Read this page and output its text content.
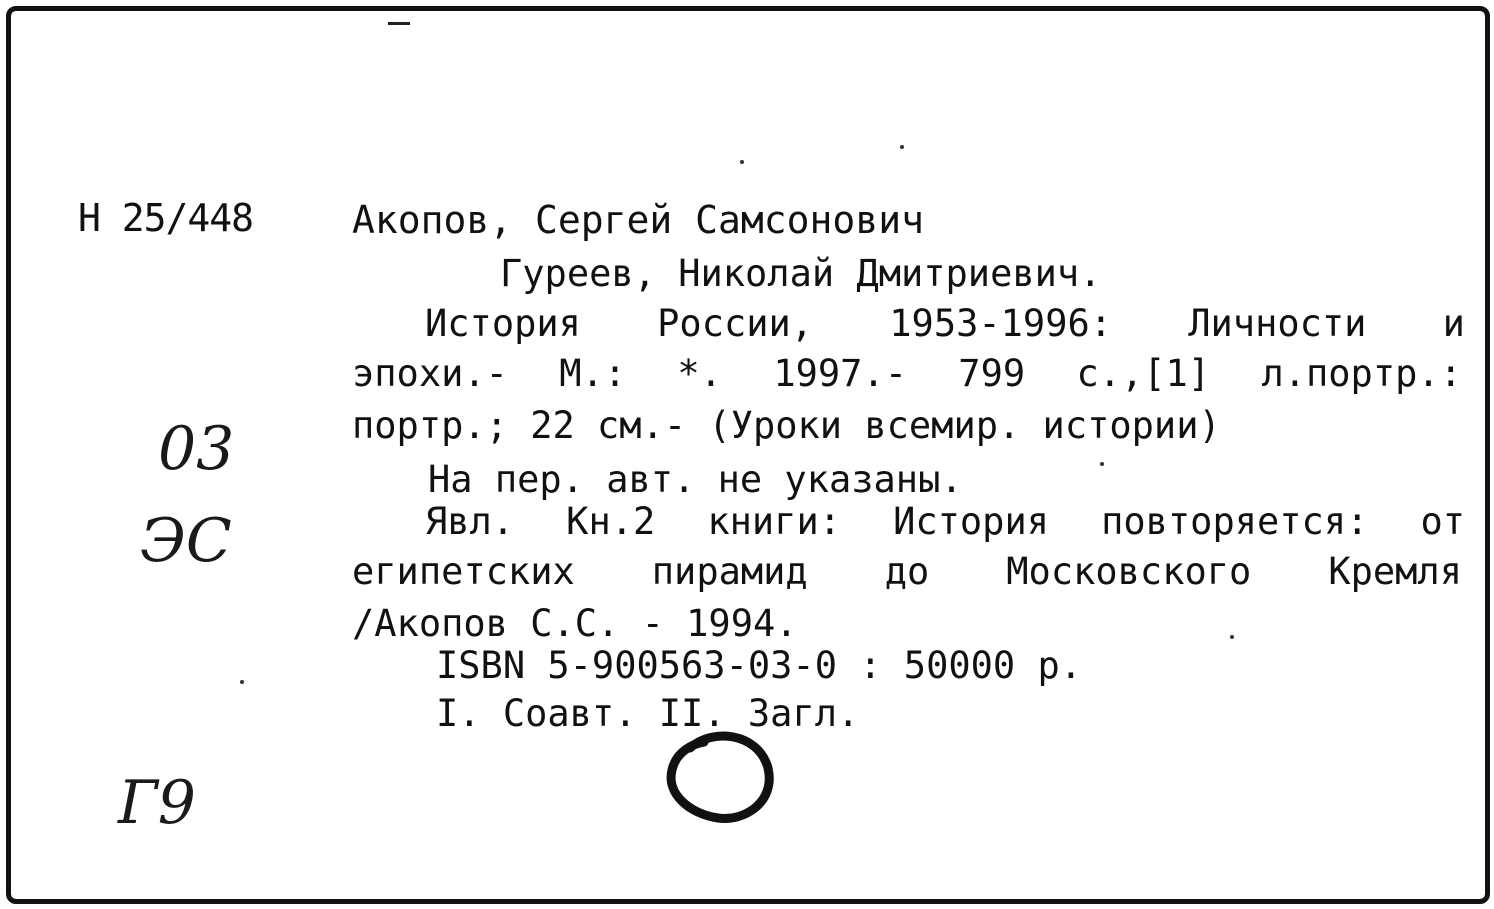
H 25/448	Акопов, Сергей Самсонович
Гуреев, Николай Дмитриевич.
История России, 1953-1996: Личности и
эпохи.- М.: *. 1997.- 799 с.,[1] л.портр.:
портр.; 22 см.- (Уроки всемир. истории)
На пер. авт. не указаны.
Явл. Кн.2 книги: История повторяется: от
египетских пирамид до Московского Кремля
/Акопов С.С. - 1994.
ISBN 5-900563-03-0 : 50000 р.
I. Соавт. II. Загл.
03
ЭС
Г9
